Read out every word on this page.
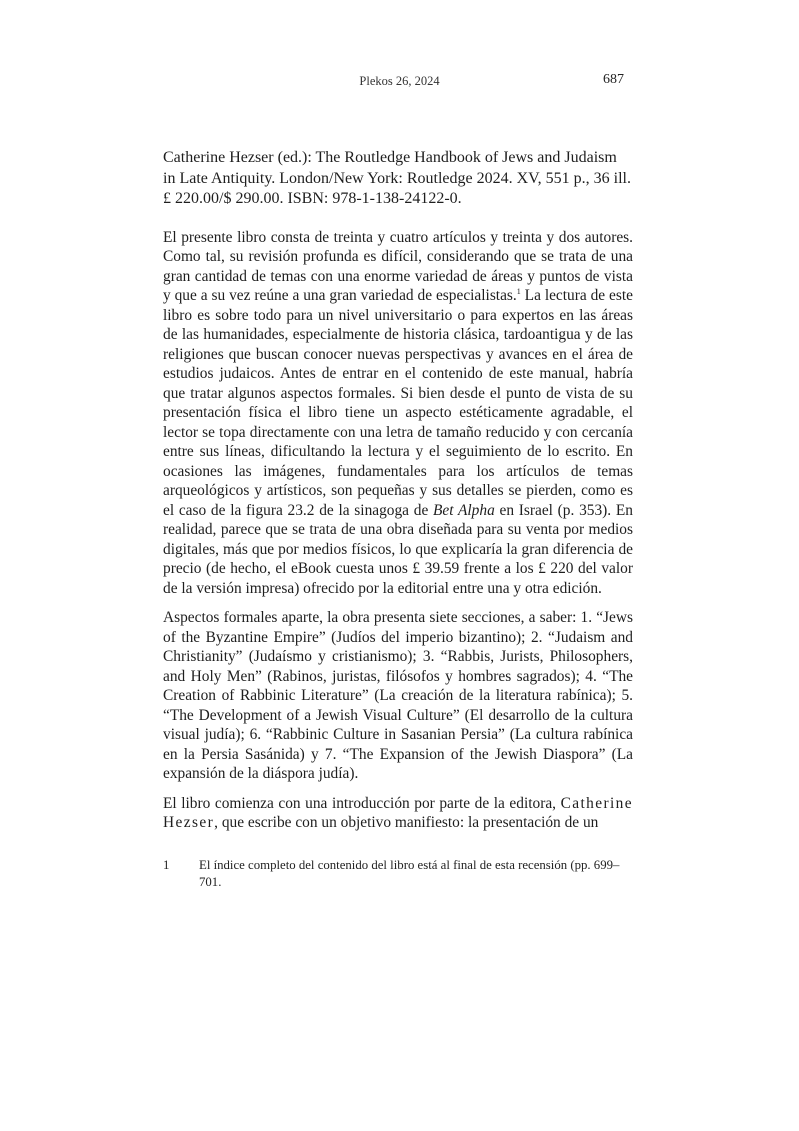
Plekos 26, 2024	687

Catherine Hezser (ed.): The Routledge Handbook of Jews and Judaism in Late Antiquity. London/New York: Routledge 2024. XV, 551 p., 36 ill. £ 220.00/$ 290.00. ISBN: 978-1-138-24122-0.

El presente libro consta de treinta y cuatro artículos y treinta y dos autores. Como tal, su revisión profunda es difícil, considerando que se trata de una gran cantidad de temas con una enorme variedad de áreas y puntos de vista y que a su vez reúne a una gran variedad de especialistas.$^1$ La lectura de este libro es sobre todo para un nivel universitario o para expertos en las áreas de las humanidades, especialmente de historia clásica, tardoantigua y de las religiones que buscan conocer nuevas perspectivas y avances en el área de estudios judaicos. Antes de entrar en el contenido de este manual, habría que tratar algunos aspectos formales. Si bien desde el punto de vista de su presentación física el libro tiene un aspecto estéticamente agradable, el lector se topa directamente con una letra de tamaño reducido y con cercanía entre sus líneas, dificultando la lectura y el seguimiento de lo escrito. En ocasiones las imágenes, fundamentales para los artículos de temas arqueológicos y artísticos, son pequeñas y sus detalles se pierden, como es el caso de la figura 23.2 de la sinagoga de Bet Alpha en Israel (p. 353). En realidad, parece que se trata de una obra diseñada para su venta por medios digitales, más que por medios físicos, lo que explicaría la gran diferencia de precio (de hecho, el eBook cuesta unos £ 39.59 frente a los £ 220 del valor de la versión impresa) ofrecido por la editorial entre una y otra edición.

Aspectos formales aparte, la obra presenta siete secciones, a saber: 1. “Jews of the Byzantine Empire” (Judíos del imperio bizantino); 2. “Judaism and Christianity” (Judaísmo y cristianismo); 3. “Rabbis, Jurists, Philosophers, and Holy Men” (Rabinos, juristas, filósofos y hombres sagrados); 4. “The Creation of Rabbinic Literature” (La creación de la literatura rabínica); 5. “The Development of a Jewish Visual Culture” (El desarrollo de la cultura visual judía); 6. “Rabbinic Culture in Sasanian Persia” (La cultura rabínica en la Persia Sasánida) y 7. “The Expansion of the Jewish Diaspora” (La expansión de la diáspora judía).

El libro comienza con una introducción por parte de la editora, Catherine Hezser, que escribe con un objetivo manifiesto: la presentación de un

1 El índice completo del contenido del libro está al final de esta recensión (pp. 699–701.
